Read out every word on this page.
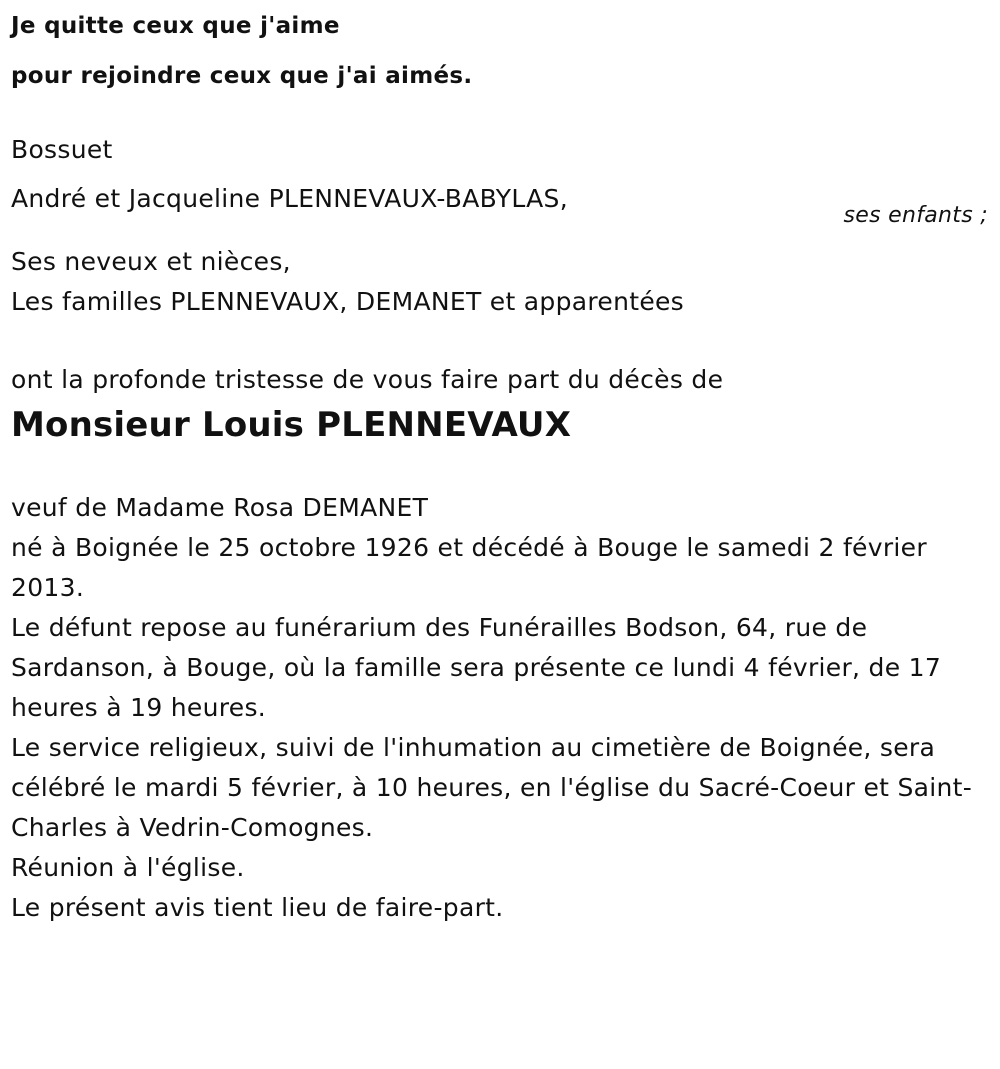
Je quitte ceux que j'aime

pour rejoindre ceux que j'ai aimés.

Bossuet

André et Jacqueline PLENNEVAUX-BABYLAS,

ses enfants ;

Ses neveux et nièces,

Les familles PLENNEVAUX, DEMANET et apparentées

ont la profonde tristesse de vous faire part du décès de

Monsieur Louis PLENNEVAUX

veuf de Madame Rosa DEMANET

né à Boignée le 25 octobre 1926 et décédé à Bouge le samedi 2 février 2013.

Le défunt repose au funérarium des Funérailles Bodson, 64, rue de Sardanson, à Bouge, où la famille sera présente ce lundi 4 février, de 17 heures à 19 heures.

Le service religieux, suivi de l'inhumation au cimetière de Boignée, sera célébré le mardi 5 février, à 10 heures, en l'église du Sacré-Coeur et Saint-Charles à Vedrin-Comognes.

Réunion à l'église.

Le présent avis tient lieu de faire-part.
